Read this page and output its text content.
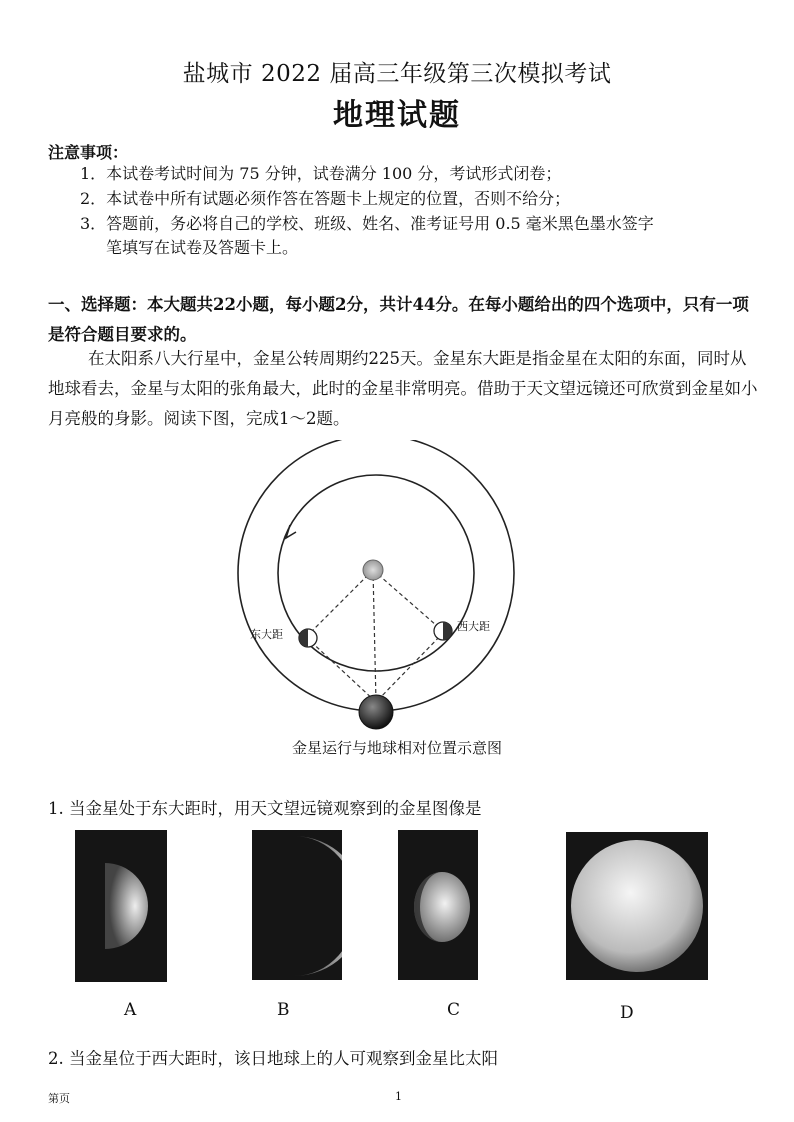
盐城市 2022 届高三年级第三次模拟考试
地理试题
注意事项：
1．本试卷考试时间为 75 分钟，试卷满分 100 分，考试形式闭卷；
2．本试卷中所有试题必须作答在答题卡上规定的位置，否则不给分；
3．答题前，务必将自己的学校、班级、姓名、准考证号用 0.5 毫米黑色墨水签字
笔填写在试卷及答题卡上。
一、选择题：本大题共22小题，每小题2分，共计44分。在每小题给出的四个选项中，只有一项是符合题目要求的。
在太阳系八大行星中，金星公转周期约225天。金星东大距是指金星在太阳的东面，同时从地球看去，金星与太阳的张角最大，此时的金星非常明亮。借助于天文望远镜还可欣赏到金星如小月亮般的身影。阅读下图，完成1～2题。
东大距
西大距
金星运行与地球相对位置示意图
1. 当金星处于东大距时，用天文望远镜观察到的金星图像是
A	B	C	D
2. 当金星位于西大距时，该日地球上的人可观察到金星比太阳
第页	1
